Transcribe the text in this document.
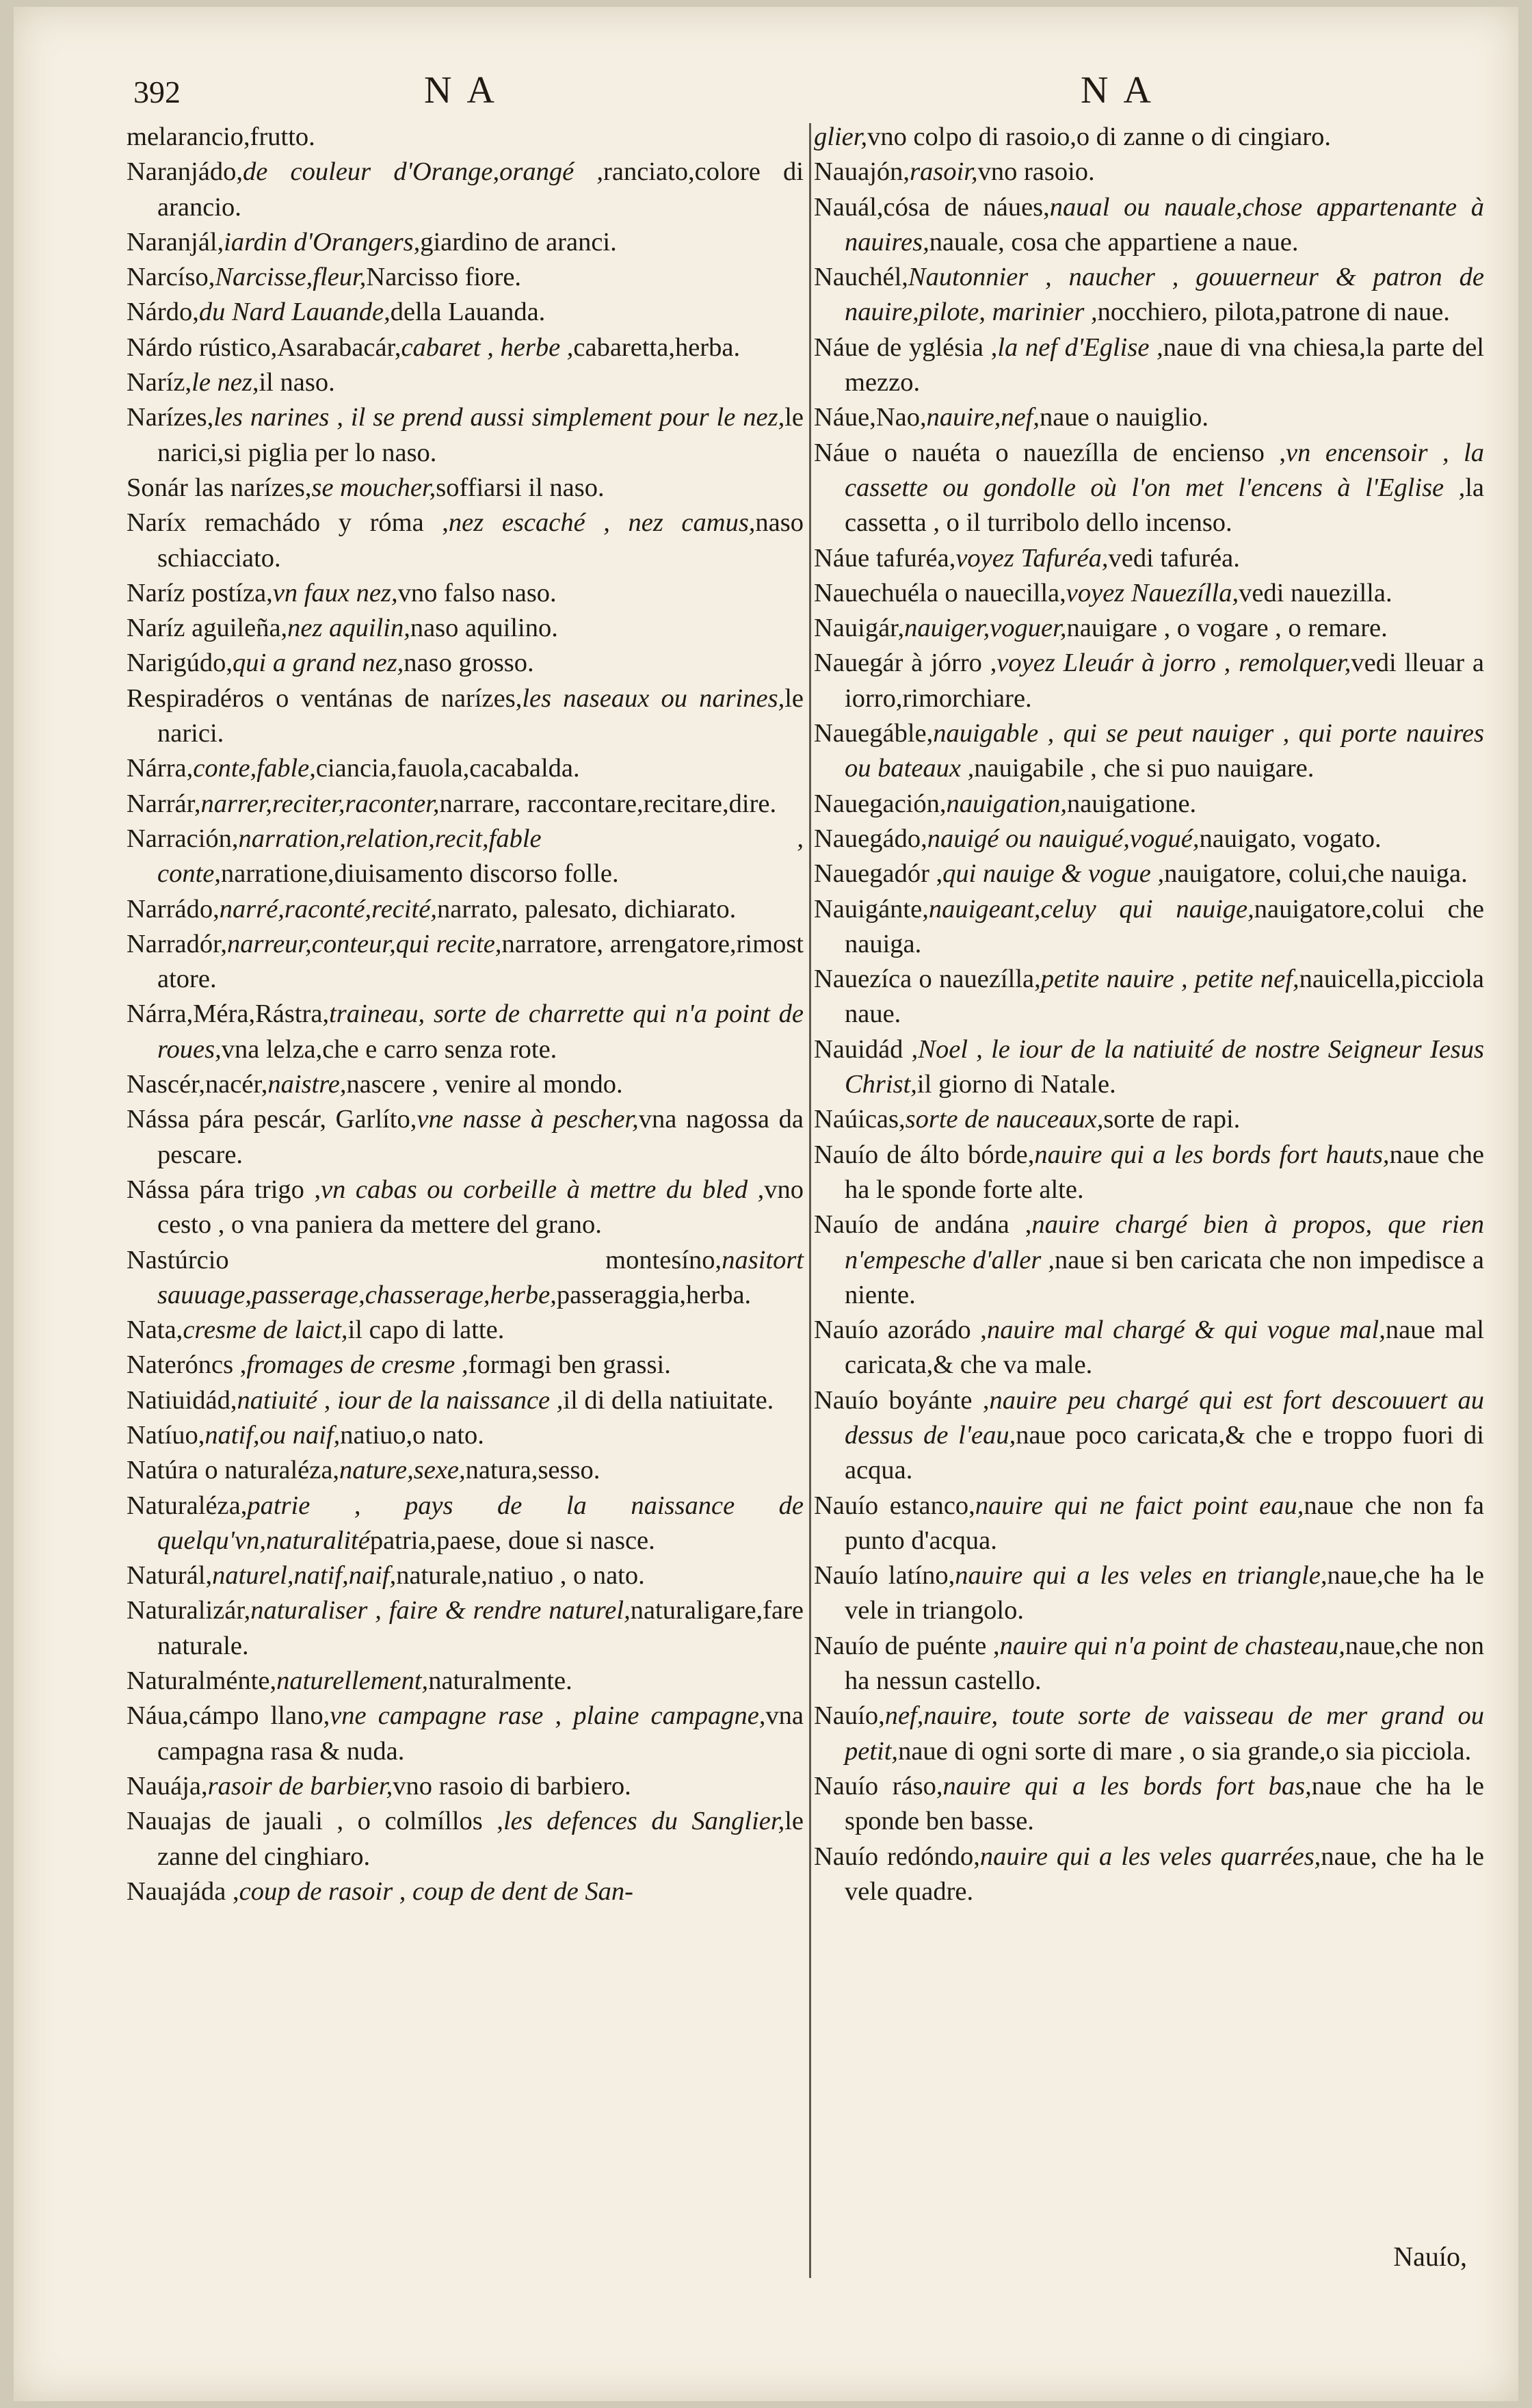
392	NA	NA
melarancio,frutto.
Naranjádo,de couleur d'Orange,orangé ,ranciato,colore di arancio.
Naranjál,iardin d'Orangers,giardino de aranci.
Narcíso,Narcisse,fleur,Narcisso fiore.
Nárdo,du Nard Lauande,della Lauanda.
Nárdo rústico,Asarabacár,cabaret , herbe ,cabaretta,herba.
Naríz,le nez,il naso.
Narízes,les narines , il se prend aussi simplement pour le nez,le narici,si piglia per lo naso.
Sonár las narízes,se moucher,soffiarsi il naso.
Naríx remachádo y róma ,nez escaché , nez camus,naso schiacciato.
Naríz postíza,vn faux nez,vno falso naso.
Naríz aguileña,nez aquilin,naso aquilino.
Narigúdo,qui a grand nez,naso grosso.
Respiradéros o ventánas de narízes,les naseaux ou narines,le narici.
Nárra,conte,fable,ciancia,fauola,cacabalda.
Narrár,narrer,reciter,raconter,narrare, raccontare,recitare,dire.
Narración,narration,relation,recit,fable , conte,narratione,diuisamento discorso folle.
Narrádo,narré,raconté,recité,narrato, palesato, dichiarato.
Narradór,narreur,conteur,qui recite,narratore, arrengatore,rimost atore.
Nárra,Méra,Rástra,traineau, sorte de charrette qui n'a point de roues,vna lelza,che e carro senza rote.
Nascér,nacér,naistre,nascere , venire al mondo.
Nássa pára pescár, Garlíto,vne nasse à pescher,vna nagossa da pescare.
Nássa pára trigo ,vn cabas ou corbeille à mettre du bled ,vno cesto , o vna paniera da mettere del grano.
Nastúrcio montesíno,nasitort sauuage,passerage,chasserage,herbe,passeraggia,herba.
Nata,cresme de laict,il capo di latte.
Nateróncs ,fromages de cresme ,formagi ben grassi.
Natiuidád,natiuité , iour de la naissance ,il di della natiuitate.
Natíuo,natif,ou naif,natiuo,o nato.
Natúra o naturaléza,nature,sexe,natura,sesso.
Naturaléza,patrie , pays de la naissance de quelqu'vn,naturalitépatria,paese, doue si nasce.
Naturál,naturel,natif,naif,naturale,natiuo , o nato.
Naturalizár,naturaliser , faire & rendre naturel,naturaligare,fare naturale.
Naturalménte,naturellement,naturalmente.
Náua,cámpo llano,vne campagne rase , plaine campagne,vna campagna rasa & nuda.
Nauája,rasoir de barbier,vno rasoio di barbiero.
Nauajas de jauali , o colmíllos ,les defences du Sanglier,le zanne del cinghiaro.
Nauajáda ,coup de rasoir , coup de dent de San-
glier,vno colpo di rasoio,o di zanne o di cingiaro.
Nauajón,rasoir,vno rasoio.
Nauál,cósa de náues,naual ou nauale,chose appartenante à nauires,nauale, cosa che appartiene a naue.
Nauchél,Nautonnier , naucher , gouuerneur & patron de nauire,pilote, marinier ,nocchiero, pilota,patrone di naue.
Náue de yglésia ,la nef d'Eglise ,naue di vna chiesa,la parte del mezzo.
Náue,Nao,nauire,nef,naue o nauiglio.
Náue o nauéta o nauezílla de encienso ,vn encensoir , la cassette ou gondolle où l'on met l'encens à l'Eglise ,la cassetta , o il turribolo dello incenso.
Náue tafuréa,voyez Tafuréa,vedi tafuréa.
Nauechuéla o nauecilla,voyez Nauezílla,vedi nauezilla.
Nauigár,nauiger,voguer,nauigare , o vogare , o remare.
Nauegár à jórro ,voyez Lleuár à jorro , remolquer,vedi lleuar a iorro,rimorchiare.
Nauegáble,nauigable , qui se peut nauiger , qui porte nauires ou bateaux ,nauigabile , che si puo nauigare.
Nauegación,nauigation,nauigatione.
Nauegádo,nauigé ou nauigué,vogué,nauigato, vogato.
Nauegadór ,qui nauige & vogue ,nauigatore, colui,che nauiga.
Nauigánte,nauigeant,celuy qui nauige,nauigatore,colui che nauiga.
Nauezíca o nauezílla,petite nauire , petite nef,nauicella,picciola naue.
Nauidád ,Noel , le iour de la natiuité de nostre Seigneur Iesus Christ,il giorno di Natale.
Naúicas,sorte de nauceaux,sorte de rapi.
Nauío de álto bórde,nauire qui a les bords fort hauts,naue che ha le sponde forte alte.
Nauío de andána ,nauire chargé bien à propos, que rien n'empesche d'aller ,naue si ben caricata che non impedisce a niente.
Nauío azorádo ,nauire mal chargé & qui vogue mal,naue mal caricata,& che va male.
Nauío boyánte ,nauire peu chargé qui est fort descouuert au dessus de l'eau,naue poco caricata,& che e troppo fuori di acqua.
Nauío estanco,nauire qui ne faict point eau,naue che non fa punto d'acqua.
Nauío latíno,nauire qui a les veles en triangle,naue,che ha le vele in triangolo.
Nauío de puénte ,nauire qui n'a point de chasteau,naue,che non ha nessun castello.
Nauío,nef,nauire, toute sorte de vaisseau de mer grand ou petit,naue di ogni sorte di mare , o sia grande,o sia picciola.
Nauío rásо,nauire qui a les bords fort bas,naue che ha le sponde ben basse.
Nauío redóndo,nauire qui a les veles quarrées,naue, che ha le vele quadre.
Nauío,
